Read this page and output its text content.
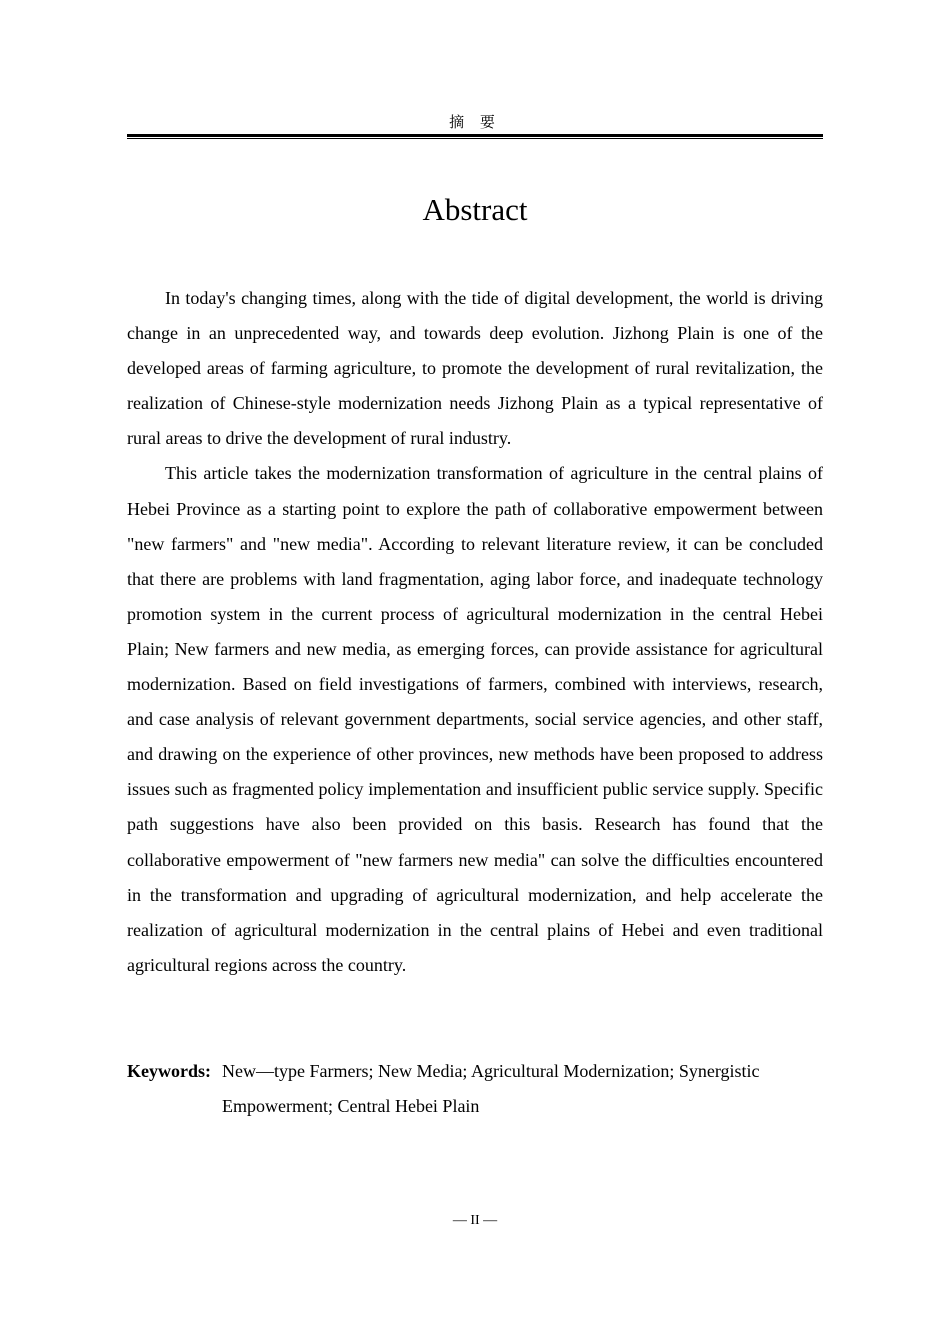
摘 要
Abstract

In today's changing times, along with the tide of digital development, the world is driving change in an unprecedented way, and towards deep evolution. Jizhong Plain is one of the developed areas of farming agriculture, to promote the development of rural revitalization, the realization of Chinese-style modernization needs Jizhong Plain as a typical representative of rural areas to drive the development of rural industry.

This article takes the modernization transformation of agriculture in the central plains of Hebei Province as a starting point to explore the path of collaborative empowerment between "new farmers" and "new media". According to relevant literature review, it can be concluded that there are problems with land fragmentation, aging labor force, and inadequate technology promotion system in the current process of agricultural modernization in the central Hebei Plain; New farmers and new media, as emerging forces, can provide assistance for agricultural modernization. Based on field investigations of farmers, combined with interviews, research, and case analysis of relevant government departments, social service agencies, and other staff, and drawing on the experience of other provinces, new methods have been proposed to address issues such as fragmented policy implementation and insufficient public service supply. Specific path suggestions have also been provided on this basis. Research has found that the collaborative empowerment of "new farmers new media" can solve the difficulties encountered in the transformation and upgrading of agricultural modernization, and help accelerate the realization of agricultural modernization in the central plains of Hebei and even traditional agricultural regions across the country.

Keywords: New—type Farmers; New Media; Agricultural Modernization; Synergistic Empowerment; Central Hebei Plain
— II —
